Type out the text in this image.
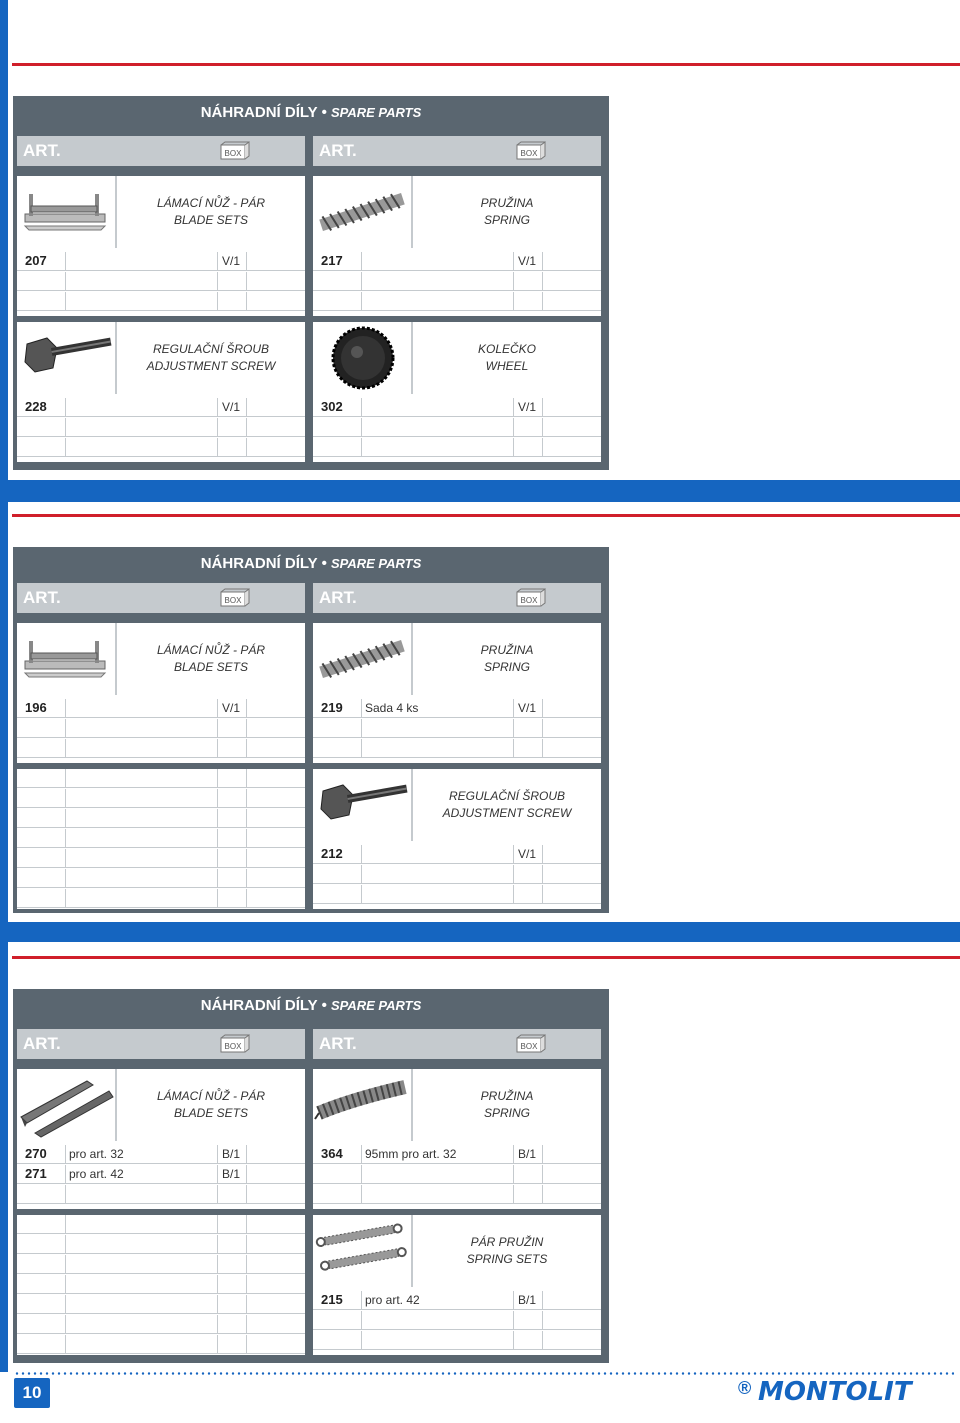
NÁHRADNÍ DÍLY • SPARE PARTS
ART.	BOX	ART.	BOX
LÁMACÍ NŮŽ - PÁR
BLADE SETS
207	V/1
REGULAČNÍ ŠROUB
ADJUSTMENT SCREW
228	V/1
PRUŽINA
SPRING
217	V/1
KOLEČKO
WHEEL
302	V/1
NÁHRADNÍ DÍLY • SPARE PARTS
ART.	BOX	ART.	BOX
LÁMACÍ NŮŽ - PÁR
BLADE SETS
196	V/1
PRUŽINA
SPRING
219 Sada 4 ks	V/1
REGULAČNÍ ŠROUB
ADJUSTMENT SCREW
212	V/1
NÁHRADNÍ DÍLY • SPARE PARTS
ART.	BOX	ART.	BOX
LÁMACÍ NŮŽ - PÁR
BLADE SETS
270 pro art. 32	B/1
271 pro art. 42	B/1
PRUŽINA
SPRING
364 95mm pro art. 32	B/1
PÁR PRUŽIN
SPRING SETS
215 pro art. 42	B/1
10	® MONTOLIT
